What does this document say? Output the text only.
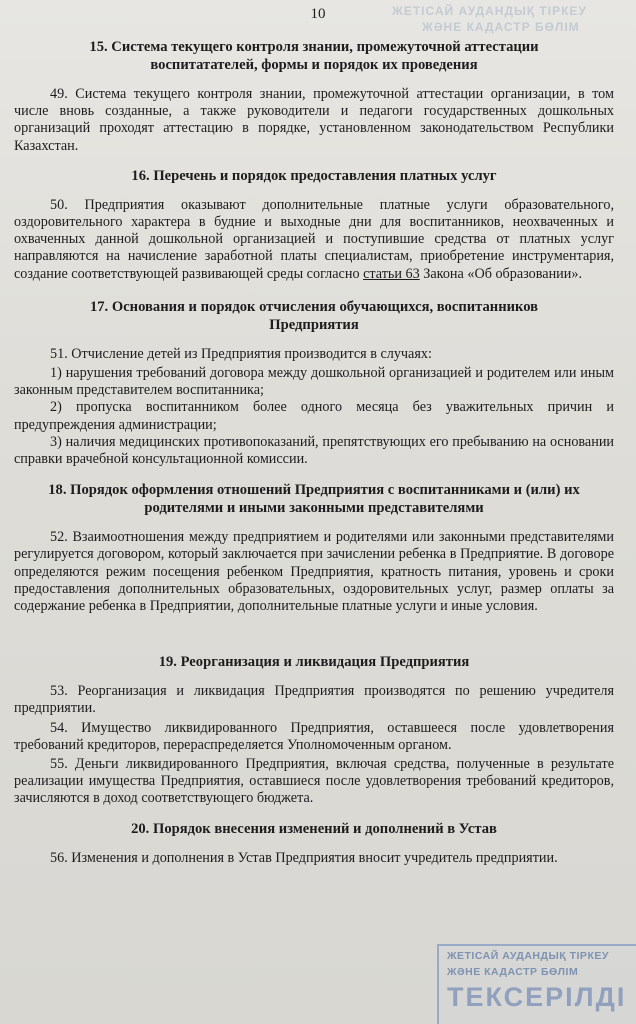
ЖЕТІСАЙ АУДАНДЫҚ ТІРКЕУ
ЖӘНЕ КАДАСТР БӨЛІМ
10
15. Система текущего контроля знании, промежуточной аттестации воспитатателей, формы и порядок их проведения

49. Система текущего контроля знании, промежуточной аттестации организации, в том числе вновь созданные, а также руководители и педагоги государственных дошкольных организаций проходят аттестацию в порядке, установленном законодательством Республики Казахстан.

16. Перечень и порядок предоставления платных услуг

50. Предприятия оказывают дополнительные платные услуги образовательного, оздоровительного характера в будние и выходные дни для воспитанников, неохваченных и охваченных данной дошкольной организацией и поступившие средства от платных услуг направляются на начисление заработной платы специалистам, приобретение инструментария, создание соответствующей развивающей среды согласно статьи 63 Закона «Об образовании».

17. Основания и порядок отчисления обучающихся, воспитанников Предприятия

51. Отчисление детей из Предприятия производится в случаях:

1) нарушения требований договора между дошкольной организацией и родителем или иным законным представителем воспитанника;

2) пропуска воспитанником более одного месяца без уважительных причин и предупреждения администрации;

3) наличия медицинских противопоказаний, препятствующих его пребыванию на основании справки врачебной консультационной комиссии.

18. Порядок оформления отношений Предприятия с воспитанниками и (или) их родителями и иными законными представителями

52. Взаимоотношения между предприятием и родителями или законными представителями регулируется договором, который заключается при зачислении ребенка в Предприятие. В договоре определяются режим посещения ребенком Предприятия, кратность питания, уровень и сроки предоставления дополнительных образовательных, оздоровительных услуг, размер оплаты за содержание ребенка в Предприятии, дополнительные платные услуги и иные условия.

19. Реорганизация и ликвидация Предприятия

53. Реорганизация и ликвидация Предприятия производятся по решению учредителя предприятии.

54. Имущество ликвидированного Предприятия, оставшееся после удовлетворения требований кредиторов, перераспределяется Уполномоченным органом.

55. Деньги ликвидированного Предприятия, включая средства, полученные в результате реализации имущества Предприятия, оставшиеся после удовлетворения требований кредиторов, зачисляются в доход соответствующего бюджета.

20. Порядок внесения изменений и дополнений в Устав

56. Изменения и дополнения в Устав Предприятия вносит учредитель предприятии.

ЖЕТІСАЙ АУДАНДЫҚ ТІРКЕУ
ЖӘНЕ КАДАСТР БӨЛІМ
ТЕКСЕРІЛДІ
